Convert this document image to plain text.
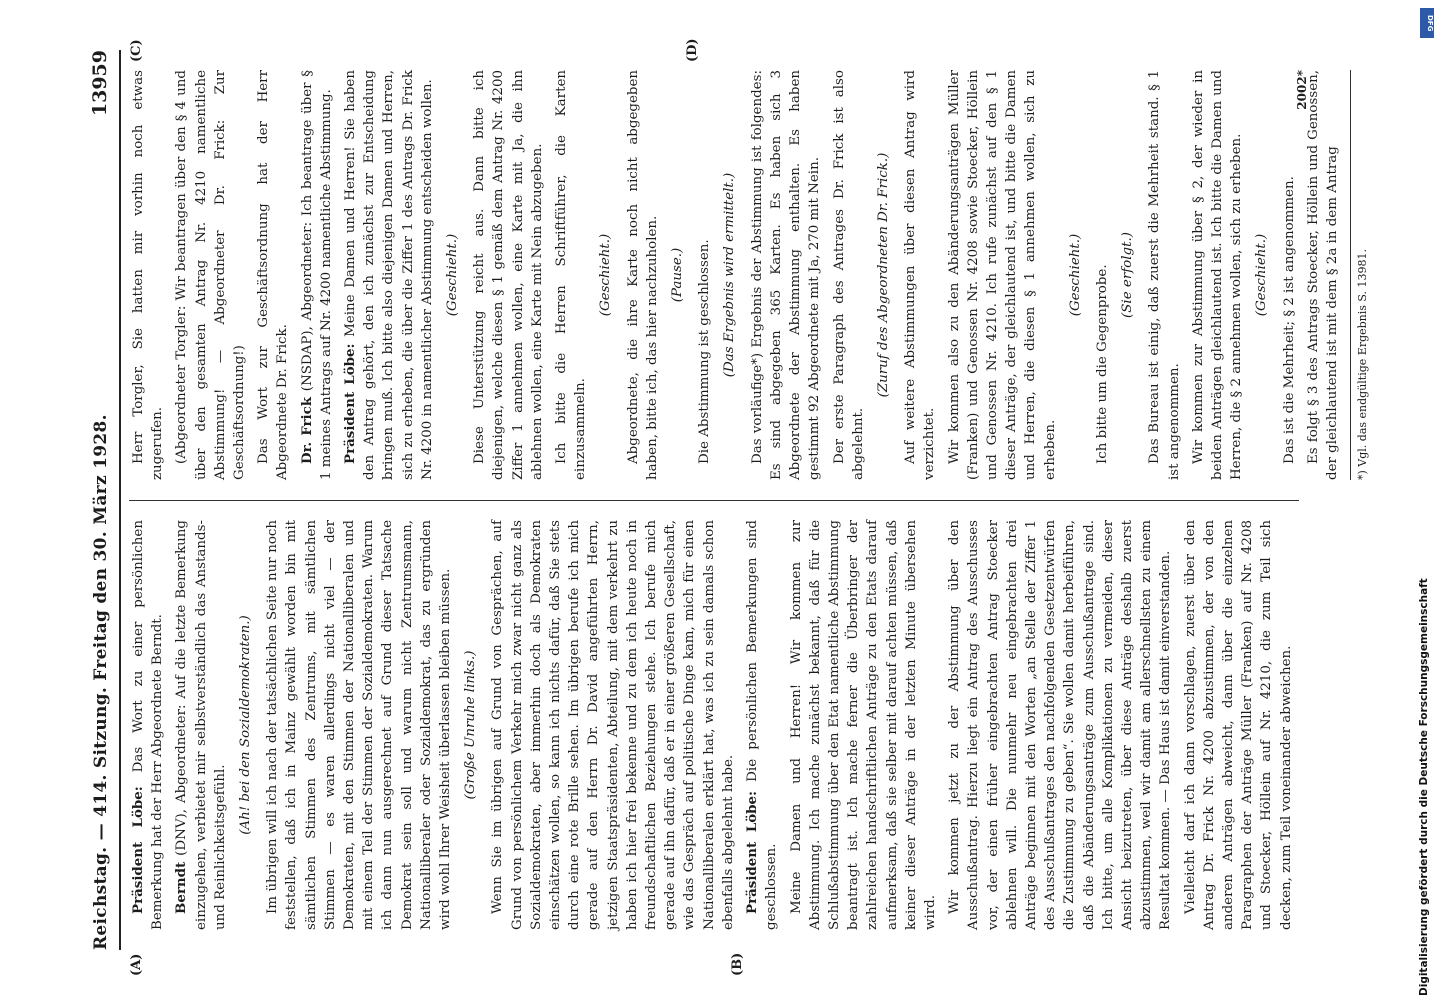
Reichstag. — 414. Sitzung. Freitag den 30. März 1928.
13959
(A)	(B)
(C)	(D)

Präsident Löbe: Das Wort zu einer persönlichen Bemerkung hat der Herr Abgeordnete Berndt. Berndt (DNV), Abgeordneter: Auf die letzte Bemerkung einzugehen, verbietet mir selbstverständlich das Anstands- und Reinlichkeitsgefühl.

(Ah! bei den Sozialdemokraten.) Im übrigen will ich nach der tatsächlichen Seite nur noch feststellen, daß ich in Mainz gewählt worden bin mit sämtlichen Stimmen des Zentrums, mit sämtlichen Stimmen — es waren allerdings nicht viel — der Demokraten, mit den Stimmen der Nationalliberalen und mit einem Teil der Stimmen der Sozialdemokraten. Warum ich dann nun ausgerechnet auf Grund dieser Tatsache Demokrat sein soll und warum nicht Zentrumsmann, Nationalliberaler oder Sozialdemokrat, das zu ergründen wird wohl Ihrer Weisheit überlassen bleiben müssen. (Große Unruhe links.) Wenn Sie im übrigen auf Grund von Gesprächen, auf Grund von persönlichem Verkehr mich zwar nicht ganz als Sozialdemokraten, aber immerhin doch als Demokraten einschätzen wollen, so kann ich nichts dafür, daß Sie stets durch eine rote Brille sehen. Im übrigen berufe ich mich gerade auf den Herrn Dr. David angeführten Herrn, jetzigen Staatspräsidenten, Abteilung, mit dem verkehrt zu haben ich hier frei bekenne und zu dem ich heute noch in freundschaftlichen Beziehungen stehe. Ich berufe mich gerade auf ihn dafür, daß er in einer größeren Gesellschaft, wie das Gespräch auf politische Dinge kam, mich für einen Nationalliberalen erklärt hat, was ich zu sein damals schon ebenfalls abgelehnt habe. Präsident Löbe: Die persönlichen Bemerkungen sind geschlossen. Meine Damen und Herren! Wir kommen zur Abstimmung. Ich mache zunächst bekannt, daß für die Schlußabstimmung über den Etat namentliche Abstimmung beantragt ist. Ich mache ferner die Überbringer der zahlreichen handschriftlichen Anträge zu den Etats darauf aufmerksam, daß sie selber mit darauf achten müssen, daß keiner dieser Anträge in der letzten Minute übersehen wird. Wir kommen jetzt zu der Abstimmung über den Ausschußantrag. Hierzu liegt ein Antrag des Ausschusses vor, der einen früher eingebrachten Antrag Stoecker ablehnen will. Die nunmehr neu eingebrachten drei Anträge beginnen mit den Worten „an Stelle der Ziffer 1 des Ausschußantrages den nachfolgenden Gesetzentwürfen die Zustimmung zu geben“. Sie wollen damit herbeiführen, daß die Abänderungsanträge zum Ausschußantrage sind. Ich bitte, um alle Komplikationen zu vermeiden, dieser Ansicht beizutreten, über diese Anträge deshalb zuerst abzustimmen, weil wir damit am allerschnellsten zu einem Resultat kommen. — Das Haus ist damit einverstanden. Vielleicht darf ich dann vorschlagen, zuerst über den Antrag Dr. Frick Nr. 4200 abzustimmen, der von den anderen Anträgen abweicht, dann über die einzelnen Paragraphen der Anträge Müller (Franken) auf Nr. 4208 und Stoecker, Höllein auf Nr. 4210, die zum Teil sich decken, zum Teil voneinander abweichen.

Herr Torgler, Sie hatten mir vorhin noch etwas zugerufen. (Abgeordneter Torgler: Wir beantragen über den § 4 und über den gesamten Antrag Nr. 4210 namentliche Abstimmung! — Abgeordneter Dr. Frick: Zur Geschäftsordnung!) Das Wort zur Geschäftsordnung hat der Herr Abgeordnete Dr. Frick. Dr. Frick (NSDAP), Abgeordneter: Ich beantrage über § 1 meines Antrags auf Nr. 4200 namentliche Abstimmung. Präsident Löbe: Meine Damen und Herren! Sie haben den Antrag gehört, den ich zunächst zur Entscheidung bringen muß. Ich bitte also diejenigen Damen und Herren, sich zu erheben, die über die Ziffer 1 des Antrags Dr. Frick Nr. 4200 in namentlicher Abstimmung entscheiden wollen. (Geschieht.) Diese Unterstützung reicht aus. Dann bitte ich diejenigen, welche diesen § 1 gemäß dem Antrag Nr. 4200 Ziffer 1 annehmen wollen, eine Karte mit Ja, die ihn ablehnen wollen, eine Karte mit Nein abzugeben. Ich bitte die Herren Schriftführer, die Karten einzusammeln.

(Geschieht.) Abgeordnete, die ihre Karte noch nicht abgegeben haben, bitte ich, das hier nachzuholen. (Pause.) Die Abstimmung ist geschlossen. (Das Ergebnis wird ermittelt.) Das vorläufige*) Ergebnis der Abstimmung ist folgendes: Es sind abgegeben 365 Karten. Es haben sich 3 Abgeordnete der Abstimmung enthalten. Es haben gestimmt 92 Abgeordnete mit Ja, 270 mit Nein. Der erste Paragraph des Antrages Dr. Frick ist also abgelehnt.

(Zuruf des Abgeordneten Dr. Frick.) Auf weitere Abstimmungen über diesen Antrag wird verzichtet. Wir kommen also zu den Abänderungsanträgen Müller (Franken) und Genossen Nr. 4208 sowie Stoecker, Höllein und Genossen Nr. 4210. Ich rufe zunächst auf den § 1 dieser Anträge, der gleichlautend ist, und bitte die Damen und Herren, die diesen § 1 annehmen wollen, sich zu erheben.

(Geschieht.) Ich bitte um die Gegenprobe. (Sie erfolgt.) Das Bureau ist einig, daß zuerst die Mehrheit stand. § 1 ist angenommen. Wir kommen zur Abstimmung über § 2, der wieder in beiden Anträgen gleichlautend ist. Ich bitte die Damen und Herren, die § 2 annehmen wollen, sich zu erheben. (Geschieht.) Das ist die Mehrheit; § 2 ist angenommen. Es folgt § 3 des Antrags Stoecker, Höllein und Genossen, der gleichlautend ist mit dem § 2a in dem Antrag	*) Vgl. das endgültige Ergebnis S. 13981.

2002*
Digitalisierung gefördert durch die Deutsche Forschungsgemeinschaft
DFG
